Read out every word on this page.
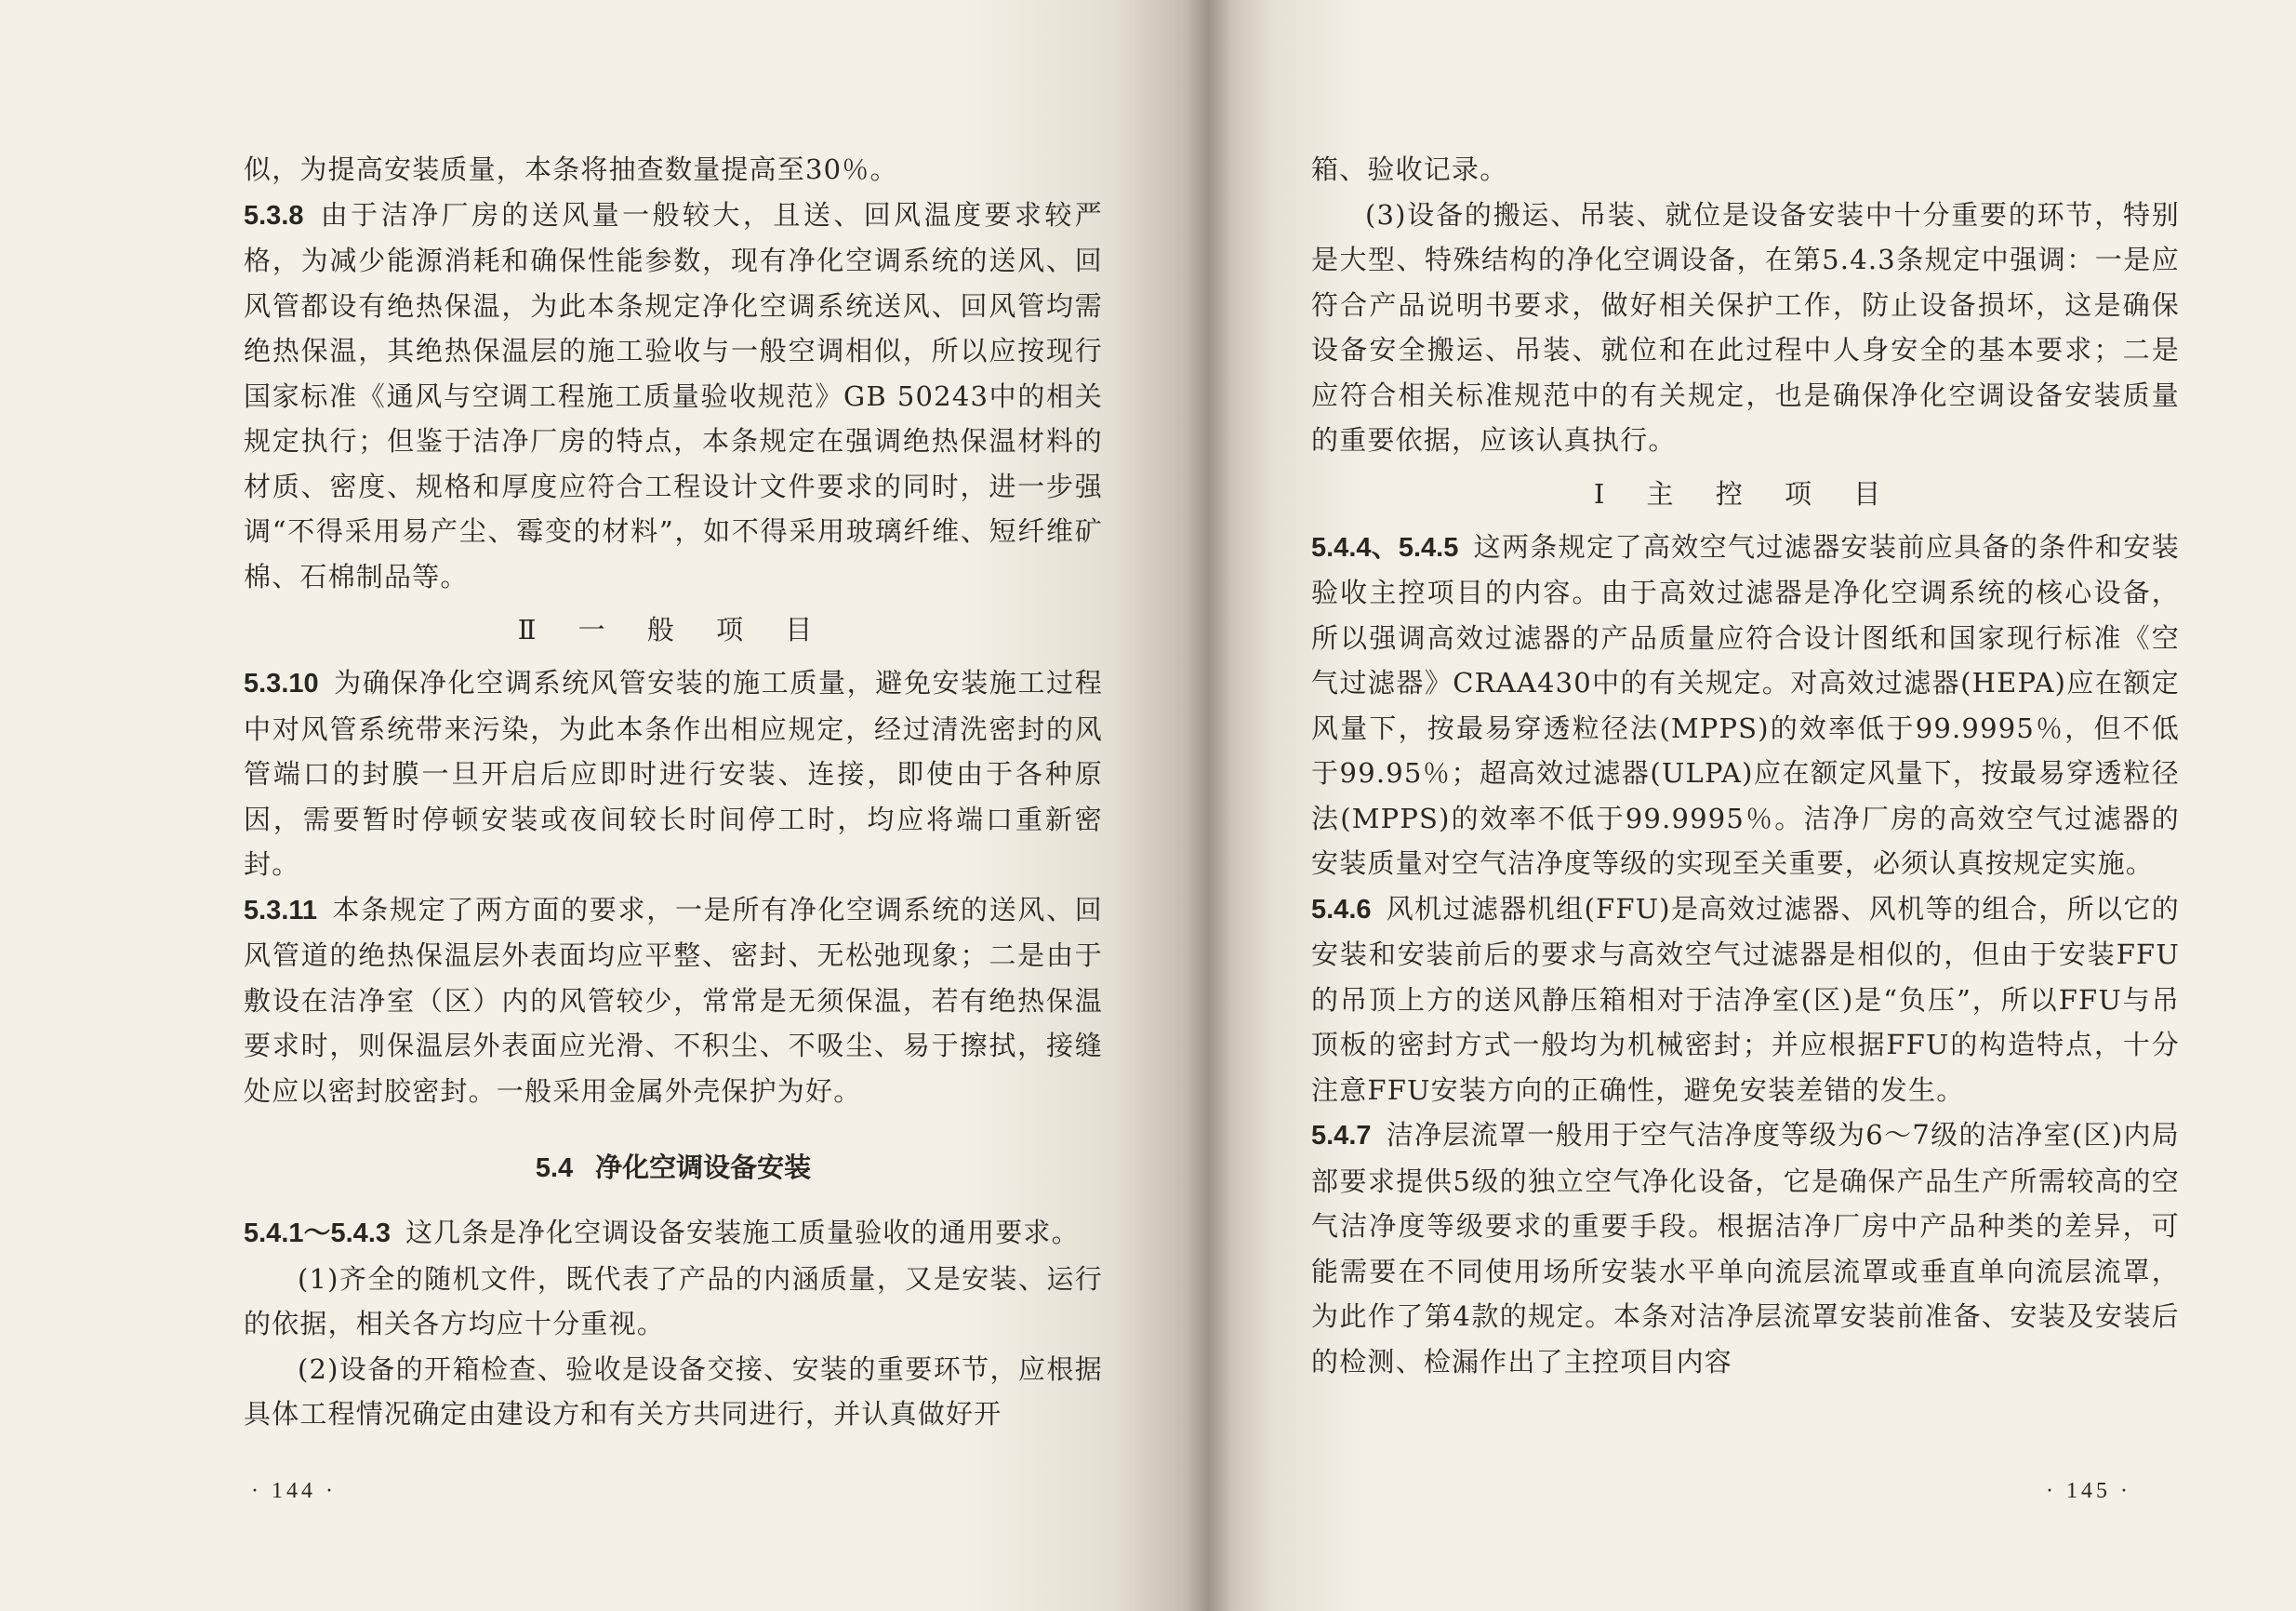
似，为提高安装质量，本条将抽查数量提高至30％。

5.3.8 由于洁净厂房的送风量一般较大，且送、回风温度要求较严格，为减少能源消耗和确保性能参数，现有净化空调系统的送风、回风管都设有绝热保温，为此本条规定净化空调系统送风、回风管均需绝热保温，其绝热保温层的施工验收与一般空调相似，所以应按现行国家标准《通风与空调工程施工质量验收规范》GB 50243中的相关规定执行；但鉴于洁净厂房的特点，本条规定在强调绝热保温材料的材质、密度、规格和厚度应符合工程设计文件要求的同时，进一步强调“不得采用易产尘、霉变的材料”，如不得采用玻璃纤维、短纤维矿棉、石棉制品等。

Ⅱ 一 般 项 目

5.3.10 为确保净化空调系统风管安装的施工质量，避免安装施工过程中对风管系统带来污染，为此本条作出相应规定，经过清洗密封的风管端口的封膜一旦开启后应即时进行安装、连接，即使由于各种原因，需要暂时停顿安装或夜间较长时间停工时，均应将端口重新密封。

5.3.11 本条规定了两方面的要求，一是所有净化空调系统的送风、回风管道的绝热保温层外表面均应平整、密封、无松弛现象；二是由于敷设在洁净室（区）内的风管较少，常常是无须保温，若有绝热保温要求时，则保温层外表面应光滑、不积尘、不吸尘、易于擦拭，接缝处应以密封胶密封。一般采用金属外壳保护为好。

5.4 净化空调设备安装

5.4.1～5.4.3 这几条是净化空调设备安装施工质量验收的通用要求。

(1)齐全的随机文件，既代表了产品的内涵质量，又是安装、运行的依据，相关各方均应十分重视。

(2)设备的开箱检查、验收是设备交接、安装的重要环节，应根据具体工程情况确定由建设方和有关方共同进行，并认真做好开

· 144 ·

箱、验收记录。

(3)设备的搬运、吊装、就位是设备安装中十分重要的环节，特别是大型、特殊结构的净化空调设备，在第5.4.3条规定中强调：一是应符合产品说明书要求，做好相关保护工作，防止设备损坏，这是确保设备安全搬运、吊装、就位和在此过程中人身安全的基本要求；二是应符合相关标准规范中的有关规定，也是确保净化空调设备安装质量的重要依据，应该认真执行。

Ⅰ 主 控 项 目

5.4.4、5.4.5 这两条规定了高效空气过滤器安装前应具备的条件和安装验收主控项目的内容。由于高效过滤器是净化空调系统的核心设备，所以强调高效过滤器的产品质量应符合设计图纸和国家现行标准《空气过滤器》CRAA430中的有关规定。对高效过滤器(HEPA)应在额定风量下，按最易穿透粒径法(MPPS)的效率低于99.9995％，但不低于99.95％；超高效过滤器(ULPA)应在额定风量下，按最易穿透粒径法(MPPS)的效率不低于99.9995％。洁净厂房的高效空气过滤器的安装质量对空气洁净度等级的实现至关重要，必须认真按规定实施。

5.4.6 风机过滤器机组(FFU)是高效过滤器、风机等的组合，所以它的安装和安装前后的要求与高效空气过滤器是相似的，但由于安装FFU的吊顶上方的送风静压箱相对于洁净室(区)是“负压”，所以FFU与吊顶板的密封方式一般均为机械密封；并应根据FFU的构造特点，十分注意FFU安装方向的正确性，避免安装差错的发生。

5.4.7 洁净层流罩一般用于空气洁净度等级为6～7级的洁净室(区)内局部要求提供5级的独立空气净化设备，它是确保产品生产所需较高的空气洁净度等级要求的重要手段。根据洁净厂房中产品种类的差异，可能需要在不同使用场所安装水平单向流层流罩或垂直单向流层流罩，为此作了第4款的规定。本条对洁净层流罩安装前准备、安装及安装后的检测、检漏作出了主控项目内容

· 145 ·
